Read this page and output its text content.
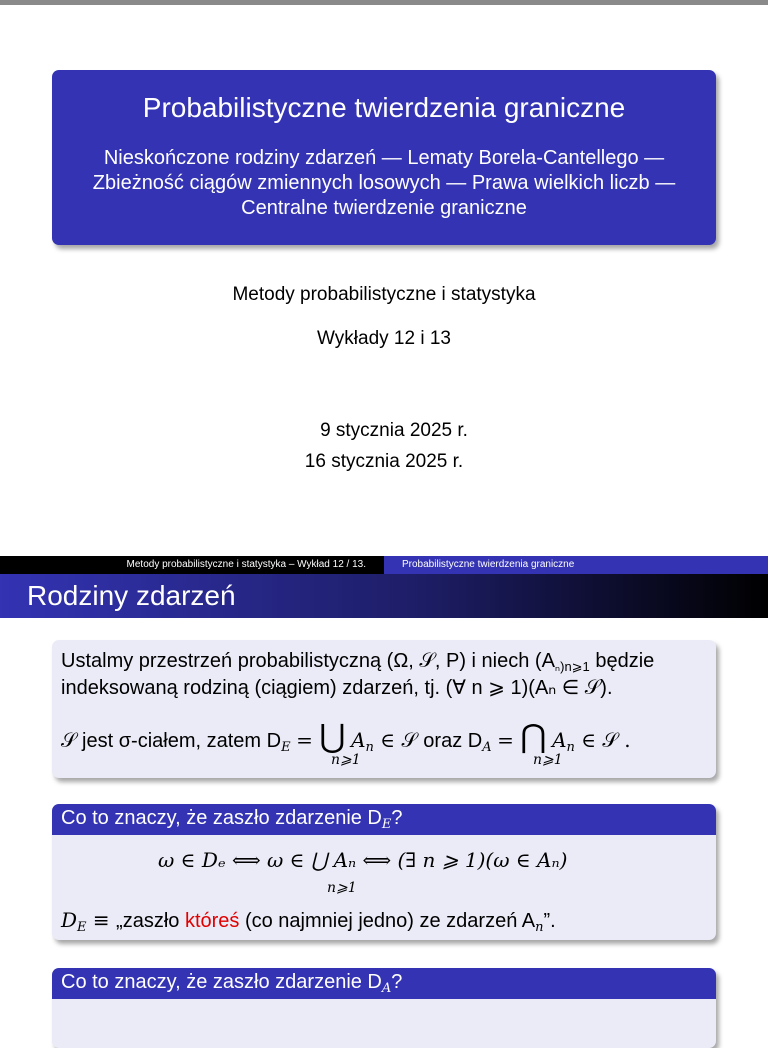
Probabilistyczne twierdzenia graniczne
Nieskończone rodziny zdarzeń — Lematy Borela-Cantellego —
Zbieżność ciągów zmiennych losowych — Prawa wielkich liczb —
Centralne twierdzenie graniczne
Metody probabilistyczne i statystyka
Wykłady 12 i 13
9 stycznia 2025 r.
16 stycznia 2025 r.
Metody probabilistyczne i statystyka – Wykład 12 / 13.	Probabilistyczne twierdzenia graniczne
Rodziny zdarzeń
Ustalmy przestrzeń probabilistyczną (Ω, 𝒮, P) i niech ($A_{_n)n⩾1}$ będzie
indeksowaną rodziną (ciągiem) zdarzeń, tj. (∀ n ⩾ 1)(Aₙ ∈ 𝒮).
𝒮 jest σ-ciałem, zatem $D_E$ = ⋃ $A_n$ ∈ 𝒮 oraz $D_A$ = ⋂ $A_n$ ∈ 𝒮 .
n⩾1	n⩾1
Co to znaczy, że zaszło zdarzenie $D_E$?
ω ∈ Dₑ ⟺ ω ∈ ⋃ Aₙ ⟺ (∃ n ⩾ 1)(ω ∈ Aₙ)
n⩾1
$D_E$ ≡ „zaszło któreś (co najmniej jedno) ze zdarzeń $A_n$”.
Co to znaczy, że zaszło zdarzenie $D_A$?
